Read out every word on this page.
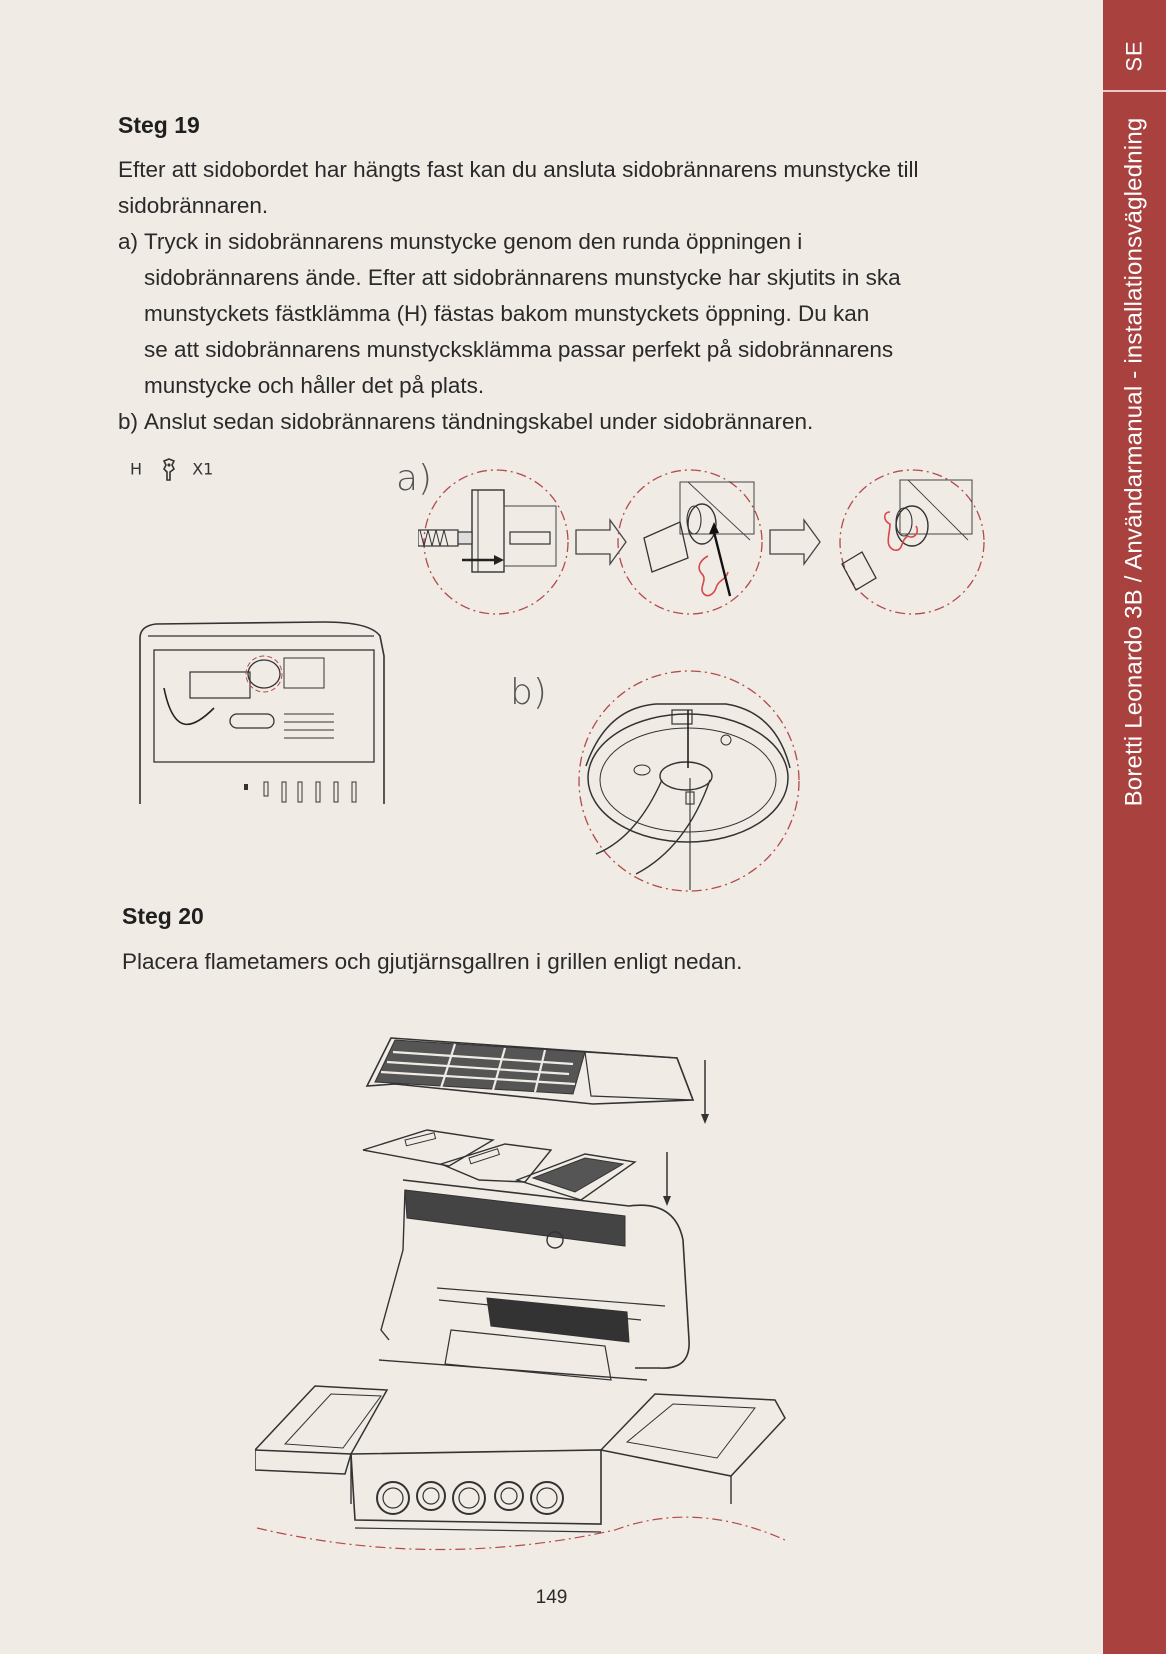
SE
Boretti Leonardo 3B / Användarmanual - installationsvägledning
Steg 19
Efter att sidobordet har hängts fast kan du ansluta sidobrännarens munstycke till
sidobrännaren.
a) Tryck in sidobrännarens munstycke genom den runda öppningen i
sidobrännarens ände. Efter att sidobrännarens munstycke har skjutits in ska
munstyckets fästklämma (H) fästas bakom munstyckets öppning. Du kan
se att sidobrännarens munstycksklämma passar perfekt på sidobrännarens
munstycke och håller det på plats.
b) Anslut sedan sidobrännarens tändningskabel under sidobrännaren.
H	X1	a)
b)
Steg 20
Placera flametamers och gjutjärnsgallren i grillen enligt nedan.
149
